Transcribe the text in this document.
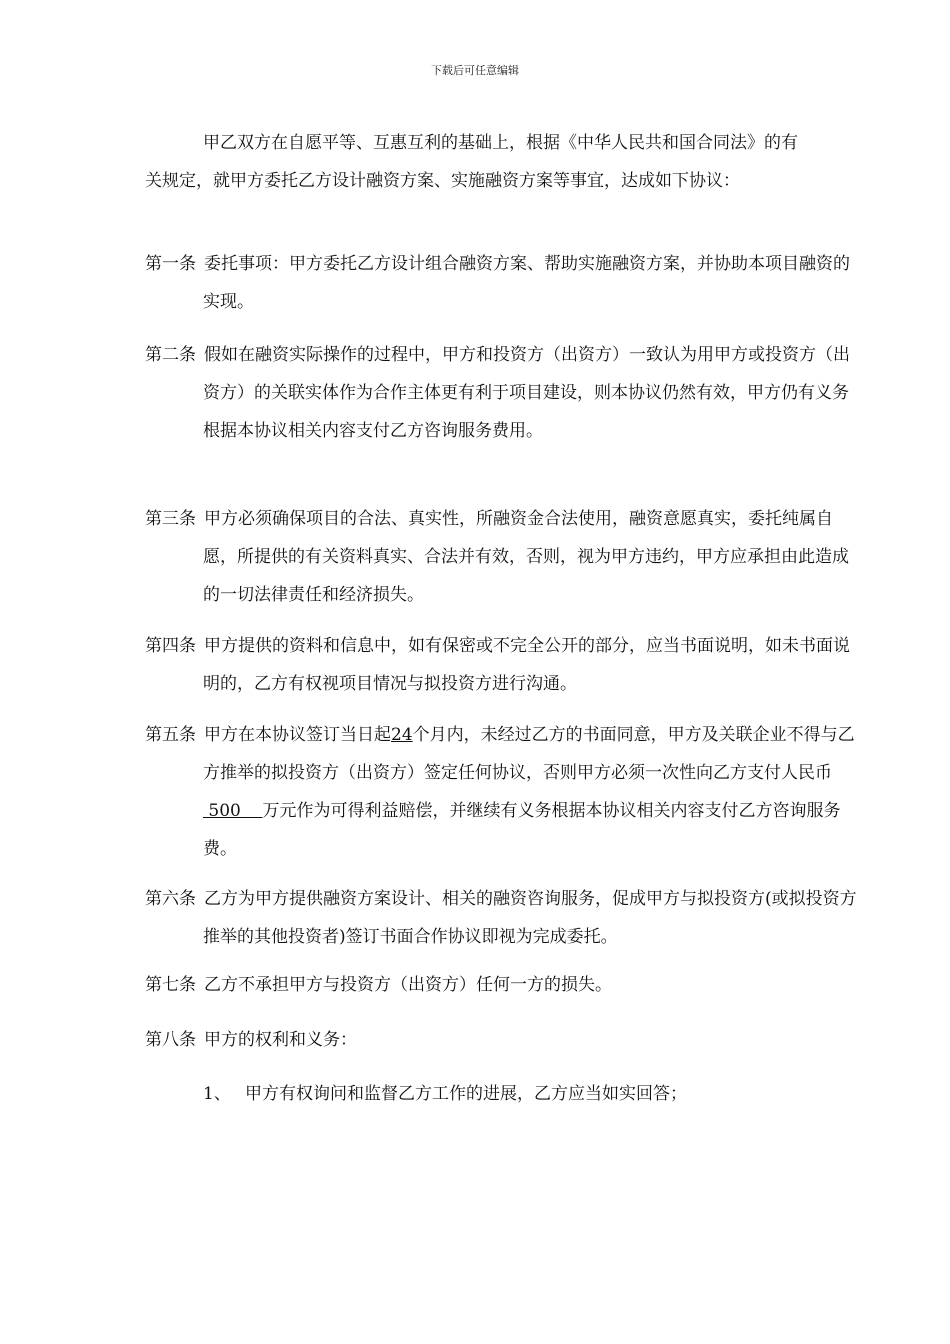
下载后可任意编辑

甲乙双方在自愿平等、互惠互利的基础上，根据《中华人民共和国合同法》的有关规定，就甲方委托乙方设计融资方案、实施融资方案等事宜，达成如下协议：

第一条 委托事项：甲方委托乙方设计组合融资方案、帮助实施融资方案，并协助本项目融资的实现。
第二条 假如在融资实际操作的过程中，甲方和投资方（出资方）一致认为用甲方或投资方（出资方）的关联实体作为合作主体更有利于项目建设，则本协议仍然有效，甲方仍有义务根据本协议相关内容支付乙方咨询服务费用。
第三条 甲方必须确保项目的合法、真实性，所融资金合法使用，融资意愿真实，委托纯属自愿，所提供的有关资料真实、合法并有效，否则，视为甲方违约，甲方应承担由此造成的一切法律责任和经济损失。
第四条 甲方提供的资料和信息中，如有保密或不完全公开的部分，应当书面说明，如未书面说明的，乙方有权视项目情况与拟投资方进行沟通。
第五条 甲方在本协议签订当日起24个月内，未经过乙方的书面同意，甲方及关联企业不得与乙方推举的拟投资方（出资方）签定任何协议，否则甲方必须一次性向乙方支付人民币 500    万元作为可得利益赔偿，并继续有义务根据本协议相关内容支付乙方咨询服务费。
第六条 乙方为甲方提供融资方案设计、相关的融资咨询服务，促成甲方与拟投资方(或拟投资方推举的其他投资者)签订书面合作协议即视为完成委托。
第七条 乙方不承担甲方与投资方（出资方）任何一方的损失。
第八条 甲方的权利和义务：
1、 甲方有权询问和监督乙方工作的进展，乙方应当如实回答；
